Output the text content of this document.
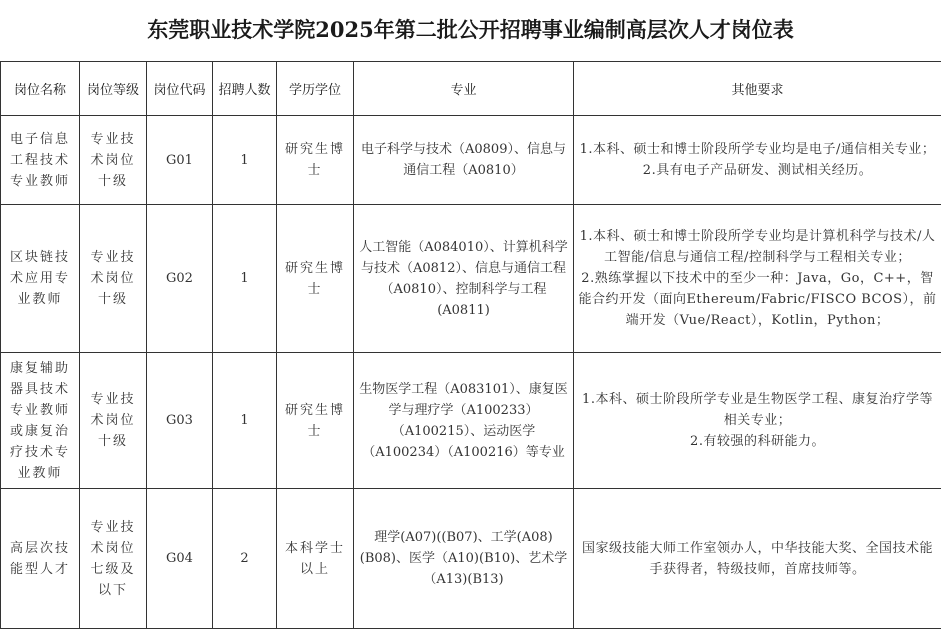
东莞职业技术学院2025年第二批公开招聘事业编制高层次人才岗位表
岗位名称	岗位等级	岗位代码	招聘人数	学历学位	专业	其他要求
电子信息工程技术专业教师	专业技术岗位十级	G01	1	研究生博士	电子科学与技术（A0809）、信息与通信工程（A0810）	1.本科、硕士和博士阶段所学专业均是电子/通信相关专业；
2.具有电子产品研发、测试相关经历。

区块链技术应用专业教师	专业技术岗位十级	G02	1	研究生博士	人工智能（A084010）、计算机科学与技术（A0812）、信息与通信工程（A0810）、控制科学与工程(A0811)	1.本科、硕士和博士阶段所学专业均是计算机科学与技术/人工智能/信息与通信工程/控制科学与工程相关专业；
2.熟练掌握以下技术中的至少一种：Java，Go，C++，智能合约开发（面向Ethereum/Fabric/FISCO BCOS），前端开发（Vue/React），Kotlin，Python；

康复辅助器具技术专业教师或康复治疗技术专业教师	专业技术岗位十级	G03	1	研究生博士	生物医学工程（A083101）、康复医学与理疗学（A100233）（A100215）、运动医学（A100234）（A100216）等专业	1.本科、硕士阶段所学专业是生物医学工程、康复治疗学等相关专业；
2.有较强的科研能力。

高层次技能型人才	专业技术岗位七级及以下	G04	2	本科学士以上	理学(A07)((B07)、工学(A08)(B08)、医学（A10)(B10)、艺术学（A13)(B13)	国家级技能大师工作室领办人，中华技能大奖、全国技术能手获得者，特级技师，首席技师等。
